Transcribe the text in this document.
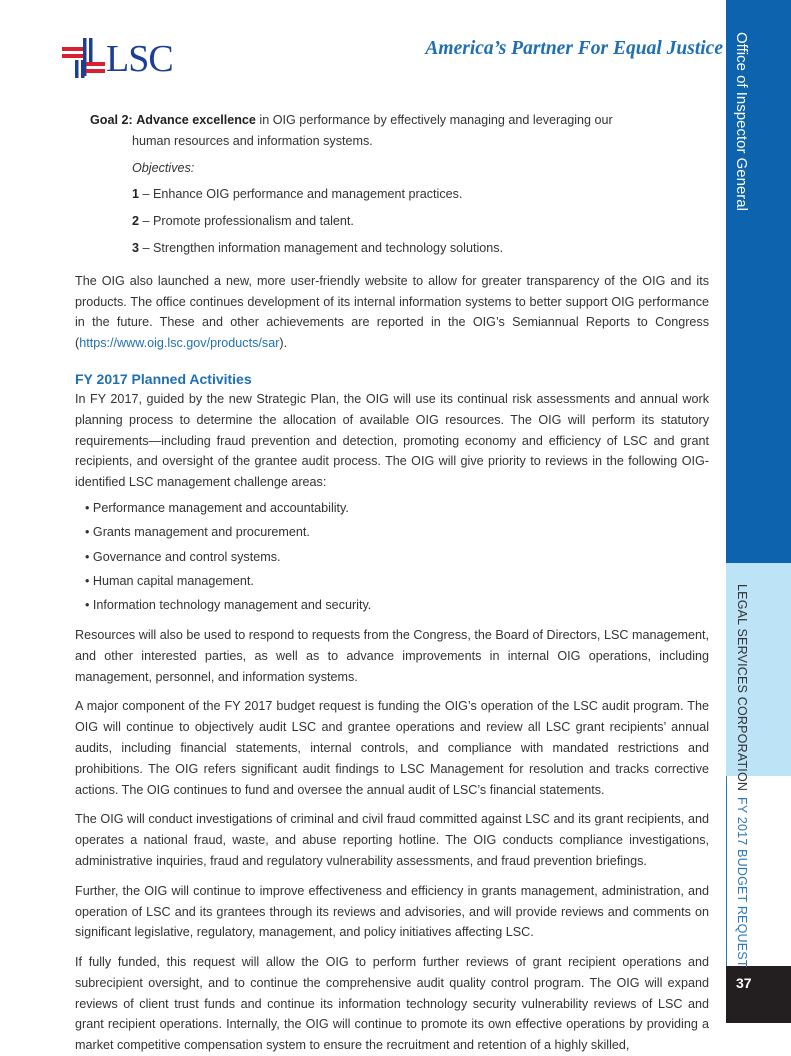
LSC	America’s Partner For Equal Justice Office of Inspector General
LEGAL SERVICES CORPORATION
FY 2017 BUDGET REQUEST
37
Goal 2: Advance excellence in OIG performance by effectively managing and leveraging our
human resources and information systems.
Objectives:
1 – Enhance OIG performance and management practices.
2 – Promote professionalism and talent.
3 – Strengthen information management and technology solutions.

The OIG also launched a new, more user-friendly website to allow for greater transparency of the OIG and its products. The office continues development of its internal information systems to better support OIG performance in the future. These and other achievements are reported in the OIG’s Semiannual Reports to Congress (https://www.oig.lsc.gov/products/sar).

FY 2017 Planned Activities

In FY 2017, guided by the new Strategic Plan, the OIG will use its continual risk assessments and annual work planning process to determine the allocation of available OIG resources. The OIG will perform its statutory requirements—including fraud prevention and detection, promoting economy and efficiency of LSC and grant recipients, and oversight of the grantee audit process. The OIG will give priority to reviews in the following OIG-identified LSC management challenge areas:

• Performance management and accountability.
• Grants management and procurement.
• Governance and control systems.
• Human capital management.
• Information technology management and security.

Resources will also be used to respond to requests from the Congress, the Board of Directors, LSC management, and other interested parties, as well as to advance improvements in internal OIG operations, including management, personnel, and information systems.

A major component of the FY 2017 budget request is funding the OIG’s operation of the LSC audit program. The OIG will continue to objectively audit LSC and grantee operations and review all LSC grant recipients’ annual audits, including financial statements, internal controls, and compliance with mandated restrictions and prohibitions. The OIG refers significant audit findings to LSC Management for resolution and tracks corrective actions. The OIG continues to fund and oversee the annual audit of LSC’s financial statements.

The OIG will conduct investigations of criminal and civil fraud committed against LSC and its grant recipients, and operates a national fraud, waste, and abuse reporting hotline. The OIG conducts compliance investigations, administrative inquiries, fraud and regulatory vulnerability assessments, and fraud prevention briefings.

Further, the OIG will continue to improve effectiveness and efficiency in grants management, administration, and operation of LSC and its grantees through its reviews and advisories, and will provide reviews and comments on significant legislative, regulatory, management, and policy initiatives affecting LSC.

If fully funded, this request will allow the OIG to perform further reviews of grant recipient operations and subrecipient oversight, and to continue the comprehensive audit quality control program. The OIG will expand reviews of client trust funds and continue its information technology security vulnerability reviews of LSC and grant recipient operations. Internally, the OIG will continue to promote its own effective operations by providing a market competitive compensation system to ensure the recruitment and retention of a highly skilled,
